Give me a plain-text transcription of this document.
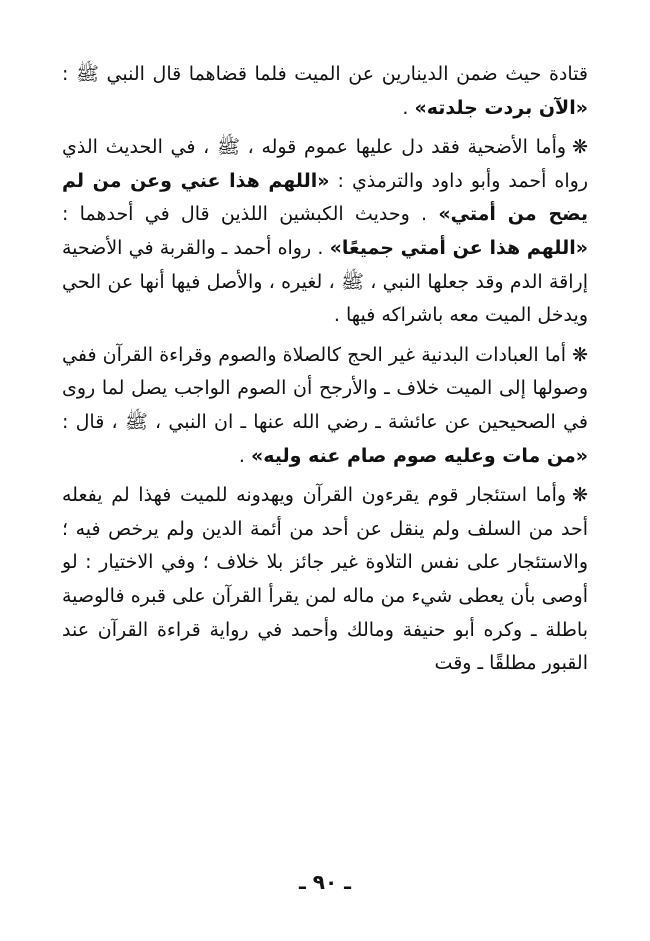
قتادة حيث ضمن الدينارين عن الميت فلما قضاهما قال النبي ﷺ : «الآن بردت جلدته» .

❋وأما الأضحية فقد دل عليها عموم قوله ، ﷺ ، في الحديث الذي رواه أحمد وأبو داود والترمذي : «اللهم هذا عني وعن من لم يضح من أمتي» . وحديث الكبشين اللذين قال في أحدهما : «اللهم هذا عن أمتي جميعًا» . رواه أحمد ـ والقربة في الأضحية إراقة الدم وقد جعلها النبي ، ﷺ ، لغيره ، والأصل فيها أنها عن الحي ويدخل الميت معه باشراكه فيها .

❋أما العبادات البدنية غير الحج كالصلاة والصوم وقراءة القرآن ففي وصولها إلى الميت خلاف ـ والأرجح أن الصوم الواجب يصل لما روى في الصحيحين عن عائشة ـ رضي الله عنها ـ ان النبي ، ﷺ ، قال : «من مات وعليه صوم صام عنه وليه» .

❋وأما استئجار قوم يقرءون القرآن ويهدونه للميت فهذا لم يفعله أحد من السلف ولم ينقل عن أحد من أئمة الدين ولم يرخص فيه ؛ والاستئجار على نفس التلاوة غير جائز بلا خلاف ؛ وفي الاختيار : لو أوصى بأن يعطى شيء من ماله لمن يقرأ القرآن على قبره فالوصية باطلة ـ وكره أبو حنيفة ومالك وأحمد في رواية قراءة القرآن عند القبور مطلقًا ـ وقت

ـ ٩٠ ـ
